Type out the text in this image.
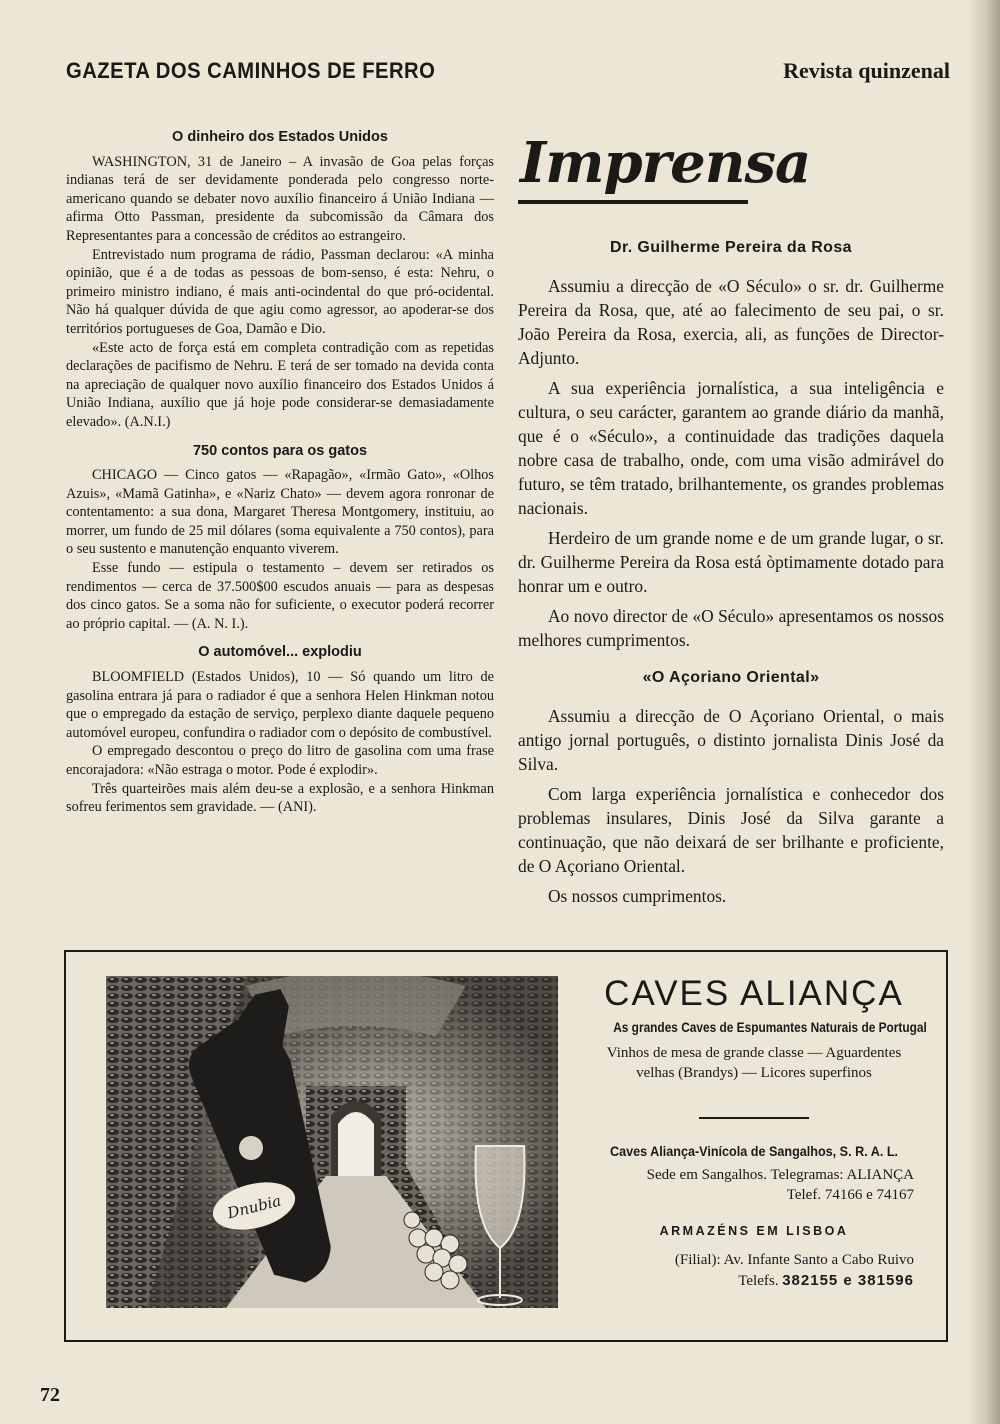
GAZETA DOS CAMINHOS DE FERRO	Revista quinzenal
O dinheiro dos Estados Unidos

WASHINGTON, 31 de Janeiro – A invasão de Goa pelas forças indianas terá de ser devidamente ponderada pelo congresso norte-americano quando se debater novo auxílio financeiro á União Indiana — afirma Otto Passman, presidente da subcomissão da Câmara dos Representantes para a concessão de créditos ao estrangeiro.

Entrevistado num programa de rádio, Passman declarou: «A minha opinião, que é a de todas as pessoas de bom-senso, é esta: Nehru, o primeiro ministro indiano, é mais anti-ocindental do que pró-ocidental. Não há qualquer dúvida de que agiu como agressor, ao apoderar-se dos territórios portugueses de Goa, Damão e Dio.

«Este acto de força está em completa contradição com as repetidas declarações de pacifismo de Nehru. E terá de ser tomado na devida conta na apreciação de qualquer novo auxílio financeiro dos Estados Unidos á União Indiana, auxílio que já hoje pode considerar-se demasiadamente elevado». (A.N.I.)

750 contos para os gatos

CHICAGO — Cinco gatos — «Rapagão», «Irmão Gato», «Olhos Azuis», «Mamã Gatinha», e «Nariz Chato» — devem agora ronronar de contentamento: a sua dona, Margaret Theresa Montgomery, instituiu, ao morrer, um fundo de 25 mil dólares (soma equivalente a 750 contos), para o seu sustento e manutenção enquanto viverem.

Esse fundo — estipula o testamento – devem ser retirados os rendimentos — cerca de 37.500$00 escudos anuais — para as despesas dos cinco gatos. Se a soma não for suficiente, o executor poderá recorrer ao próprio capital. — (A. N. I.).

O automóvel... explodiu

BLOOMFIELD (Estados Unidos), 10 — Só quando um litro de gasolina entrara já para o radiador é que a senhora Helen Hinkman notou que o empregado da estação de serviço, perplexo diante daquele pequeno automóvel europeu, confundira o radiador com o depósito de combustível.

O empregado descontou o preço do litro de gasolina com uma frase encorajadora: «Não estraga o motor. Pode é explodir».

Três quarteirões mais além deu-se a explosão, e a senhora Hinkman sofreu ferimentos sem gravidade. — (ANI).

Imprensa
Dr. Guilherme Pereira da Rosa

Assumiu a direcção de «O Século» o sr. dr. Guilherme Pereira da Rosa, que, até ao falecimento de seu pai, o sr. João Pereira da Rosa, exercia, ali, as funções de Director-Adjunto.

A sua experiência jornalística, a sua inteligência e cultura, o seu carácter, garantem ao grande diário da manhã, que é o «Século», a continuidade das tradições daquela nobre casa de trabalho, onde, com uma visão admirável do futuro, se têm tratado, brilhantemente, os grandes problemas nacionais.

Herdeiro de um grande nome e de um grande lugar, o sr. dr. Guilherme Pereira da Rosa está òptimamente dotado para honrar um e outro.

Ao novo director de «O Século» apresentamos os nossos melhores cumprimentos.

«O Açoriano Oriental»

Assumiu a direcção de O Açoriano Oriental, o mais antigo jornal português, o distinto jornalista Dinis José da Silva.

Com larga experiência jornalística e conhecedor dos problemas insulares, Dinis José da Silva garante a continuação, que não deixará de ser brilhante e proficiente, de O Açoriano Oriental.

Os nossos cumprimentos.

Dnubia
CAVES ALIANÇA
As grandes Caves de Espumantes Naturais de Portugal
Vinhos de mesa de grande classe — Aguardentes velhas (Brandys) — Licores superfinos
Caves Aliança-Vinícola de Sangalhos, S. R. A. L.
Sede em Sangalhos. Telegramas: ALIANÇA
Telef. 74166 e 74167
ARMAZÉNS EM LISBOA
(Filial): Av. Infante Santo a Cabo Ruivo
Telefs. 382155 e 381596
72
